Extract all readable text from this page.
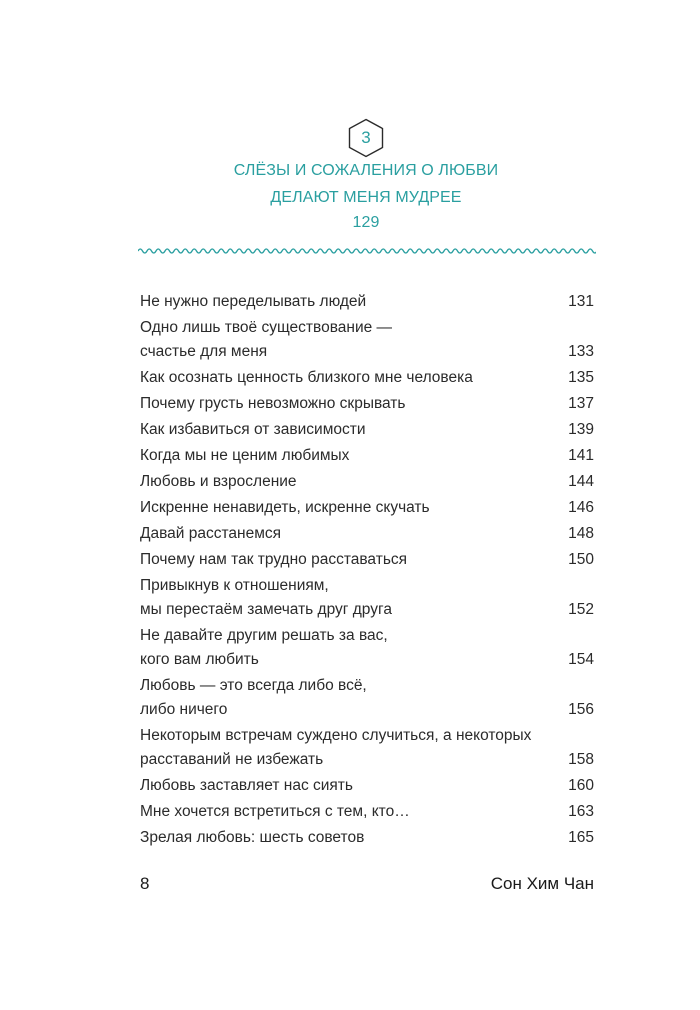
3
СЛЁЗЫ И СОЖАЛЕНИЯ О ЛЮБВИ
ДЕЛАЮТ МЕНЯ МУДРЕЕ
129
Не нужно переделывать людей	131
Одно лишь твоё существование —
счастье для меня	133
Как осознать ценность близкого мне человека	135
Почему грусть невозможно скрывать	137
Как избавиться от зависимости	139
Когда мы не ценим любимых	141
Любовь и взросление	144
Искренне ненавидеть, искренне скучать	146
Давай расстанемся	148
Почему нам так трудно расставаться	150
Привыкнув к отношениям,
мы перестаём замечать друг друга	152
Не давайте другим решать за вас,
кого вам любить	154
Любовь — это всегда либо всё,
либо ничего	156
Некоторым встречам суждено случиться, а некоторых
расставаний не избежать	158
Любовь заставляет нас сиять	160
Мне хочется встретиться с тем, кто…	163
Зрелая любовь: шесть советов	165
8	Сон Хим Чан
